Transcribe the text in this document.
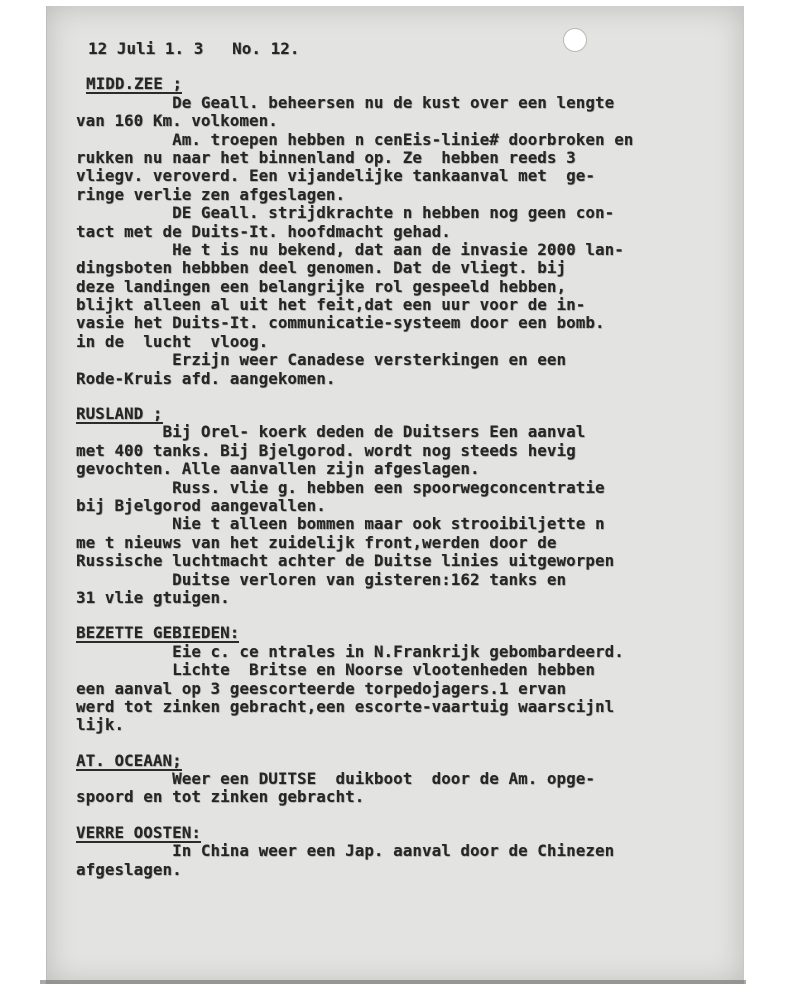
12 Juli 1. 3   No. 12.
MIDD.ZEE ;
De Geall. beheersen nu de kust over een lengte
van 160 Km. volkomen.
Am. troepen hebben n cenEis-linie# doorbroken en
rukken nu naar het binnenland op. Ze  hebben reeds 3
vliegv. veroverd. Een vijandelijke tankaanval met  ge-
ringe verlie zen afgeslagen.
DE Geall. strijdkrachte n hebben nog geen con-
tact met de Duits-It. hoofdmacht gehad.
He t is nu bekend, dat aan de invasie 2000 lan-
dingsboten hebbben deel genomen. Dat de vliegt. bij
deze landingen een belangrijke rol gespeeld hebben,
blijkt alleen al uit het feit,dat een uur voor de in-
vasie het Duits-It. communicatie-systeem door een bomb.
in de  lucht  vloog.
Erzijn weer Canadese versterkingen en een
Rode-Kruis afd. aangekomen.
RUSLAND ;
Bij Orel- koerk deden de Duitsers Een aanval
met 400 tanks. Bij Bjelgorod. wordt nog steeds hevig
gevochten. Alle aanvallen zijn afgeslagen.
Russ. vlie g. hebben een spoorwegconcentratie
bij Bjelgorod aangevallen.
Nie t alleen bommen maar ook strooibiljette n
me t nieuws van het zuidelijk front,werden door de
Russische luchtmacht achter de Duitse linies uitgeworpen
Duitse verloren van gisteren:162 tanks en
31 vlie gtuigen.
BEZETTE GEBIEDEN:
Eie c. ce ntrales in N.Frankrijk gebombardeerd.
Lichte  Britse en Noorse vlootenheden hebben
een aanval op 3 geescorteerde torpedojagers.1 ervan
werd tot zinken gebracht,een escorte-vaartuig waarscijnl
lijk.
AT. OCEAAN;
Weer een DUITSE  duikboot  door de Am. opge-
spoord en tot zinken gebracht.
VERRE OOSTEN:
In China weer een Jap. aanval door de Chinezen
afgeslagen.
